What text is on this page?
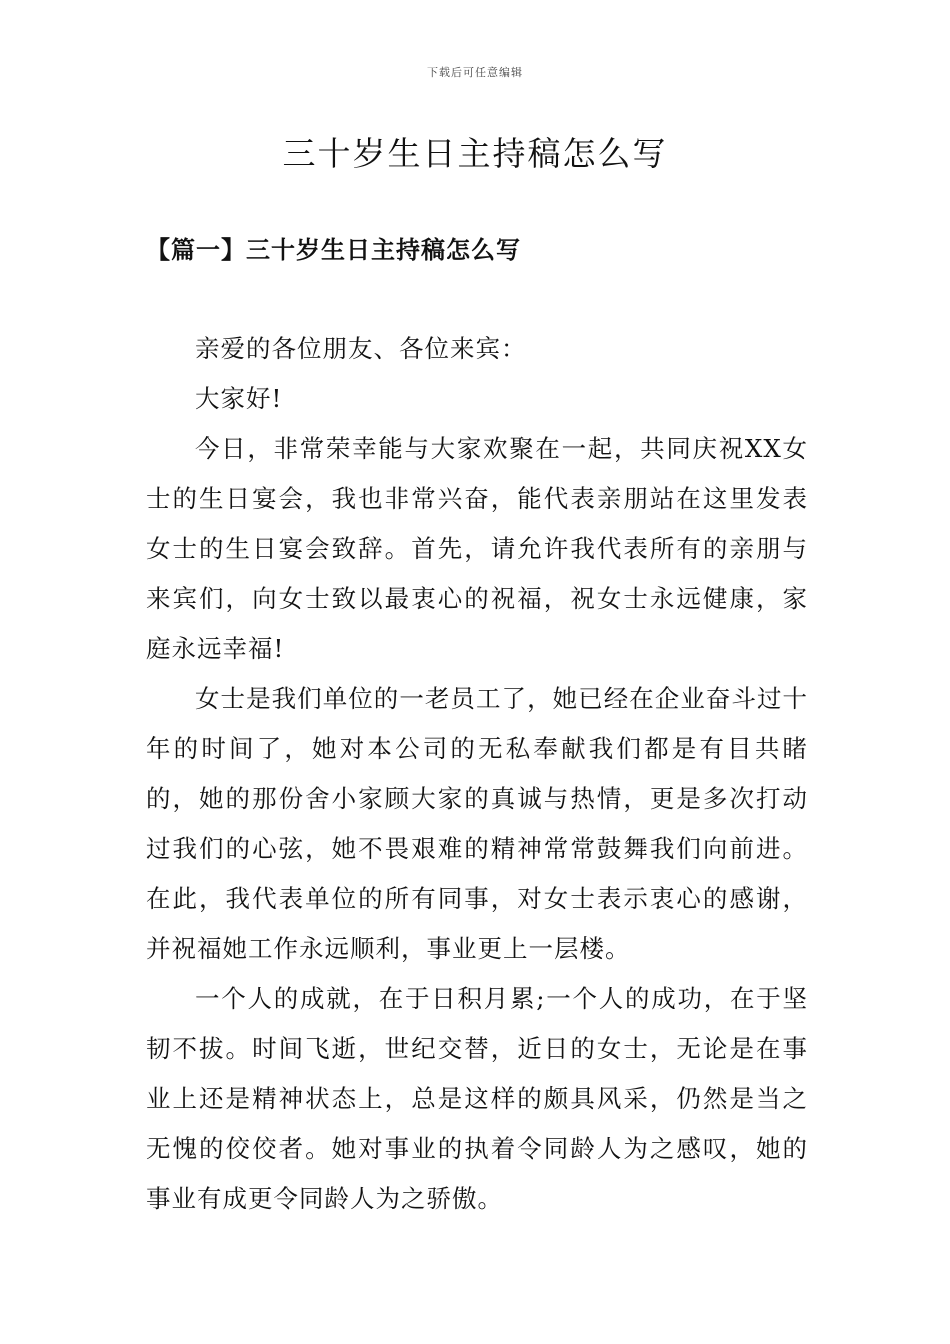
下载后可任意编辑
三十岁生日主持稿怎么写
【篇一】三十岁生日主持稿怎么写

亲爱的各位朋友、各位来宾：

大家好!

今日，非常荣幸能与大家欢聚在一起，共同庆祝XX女士的生日宴会，我也非常兴奋，能代表亲朋站在这里发表女士的生日宴会致辞。首先，请允许我代表所有的亲朋与来宾们，向女士致以最衷心的祝福，祝女士永远健康，家庭永远幸福!

女士是我们单位的一老员工了，她已经在企业奋斗过十年的时间了，她对本公司的无私奉献我们都是有目共睹的，她的那份舍小家顾大家的真诚与热情，更是多次打动过我们的心弦，她不畏艰难的精神常常鼓舞我们向前进。在此，我代表单位的所有同事，对女士表示衷心的感谢，并祝福她工作永远顺利，事业更上一层楼。

一个人的成就，在于日积月累;一个人的成功，在于坚韧不拔。时间飞逝，世纪交替，近日的女士，无论是在事业上还是精神状态上，总是这样的颇具风采，仍然是当之无愧的佼佼者。她对事业的执着令同龄人为之感叹，她的事业有成更令同龄人为之骄傲。
